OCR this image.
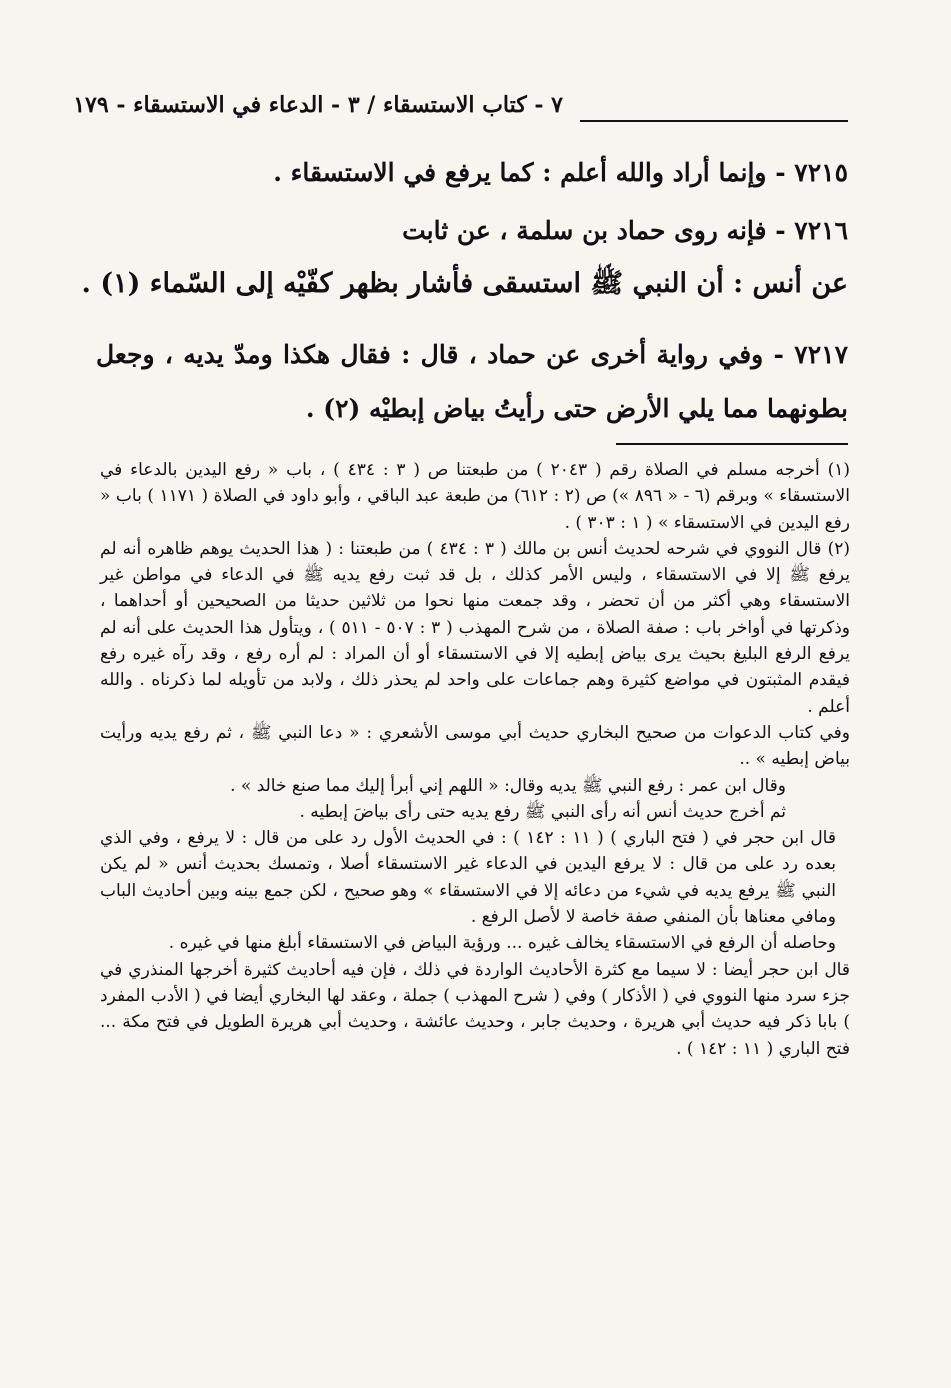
٧ - كتاب الاستسقاء / ٣ - الدعاء في الاستسقاء - ١٧٩

٧٢١٥ - وإنما أراد والله أعلم : كما يرفع في الاستسقاء .

٧٢١٦ - فإنه روى حماد بن سلمة ، عن ثابت

عن أنس : أن النبي ﷺ استسقى فأشار بظهر كفّيْه إلى السّماء (١) .

٧٢١٧ - وفي رواية أخرى عن حماد ، قال : فقال هكذا ومدّ يديه ، وجعل بطونهما مما يلي الأرض حتى رأيتُ بياض إبطيْه (٢) .

(١) أخرجه مسلم في الصلاة رقم ( ٢٠٤٣ ) من طبعتنا ص ( ٣ : ٤٣٤ ) ، باب « رفع اليدين بالدعاء في الاستسقاء » وبرقم (٦ - « ٨٩٦ ») ص (٢ : ٦١٢) من طبعة عبد الباقي ، وأبو داود في الصلاة ( ١١٧١ ) باب « رفع اليدين في الاستسقاء » ( ١ : ٣٠٣ ) .

(٢) قال النووي في شرحه لحديث أنس بن مالك ( ٣ : ٤٣٤ ) من طبعتنا : ( هذا الحديث يوهم ظاهره أنه لم يرفع ﷺ إلا في الاستسقاء ، وليس الأمر كذلك ، بل قد ثبت رفع يديه ﷺ في الدعاء في مواطن غير الاستسقاء وهي أكثر من أن تحضر ، وقد جمعت منها نحوا من ثلاثين حديثا من الصحيحين أو أحداهما ، وذكرتها في أواخر باب : صفة الصلاة ، من شرح المهذب ( ٣ : ٥٠٧ - ٥١١ ) ، ويتأول هذا الحديث على أنه لم يرفع الرفع البليغ بحيث يرى بياض إبطيه إلا في الاستسقاء أو أن المراد : لم أره رفع ، وقد رآه غيره رفع فيقدم المثبتون في مواضع كثيرة وهم جماعات على واحد لم يحذر ذلك ، ولابد من تأويله لما ذكرناه . والله أعلم .

وفي كتاب الدعوات من صحيح البخاري حديث أبي موسى الأشعري : « دعا النبي ﷺ ، ثم رفع يديه ورأيت بياض إبطيه » ..

وقال ابن عمر : رفع النبي ﷺ يديه وقال: « اللهم إني أبرأ إليك مما صنع خالد » .

ثم أخرج حديث أنس أنه رأى النبي ﷺ رفع يديه حتى رأى بياضَ إبطيه .

قال ابن حجر في ( فتح الباري ) ( ١١ : ١٤٢ ) : في الحديث الأول رد على من قال : لا يرفع ، وفي الذي بعده رد على من قال : لا يرفع اليدين في الدعاء غير الاستسقاء أصلا ، وتمسك بحديث أنس « لم يكن النبي ﷺ يرفع يديه في شيء من دعائه إلا في الاستسقاء » وهو صحيح ، لكن جمع بينه وبين أحاديث الباب ومافي معناها بأن المنفي صفة خاصة لا لأصل الرفع .

وحاصله أن الرفع في الاستسقاء يخالف غيره ... ورؤية البياض في الاستسقاء أبلغ منها في غيره .

قال ابن حجر أيضا : لا سيما مع كثرة الأحاديث الواردة في ذلك ، فإن فيه أحاديث كثيرة أخرجها المنذري في جزء سرد منها النووي في ( الأذكار ) وفي ( شرح المهذب ) جملة ، وعقد لها البخاري أيضا في ( الأدب المفرد ) بابا ذكر فيه حديث أبي هريرة ، وحديث جابر ، وحديث عائشة ، وحديث أبي هريرة الطويل في فتح مكة ... فتح الباري ( ١١ : ١٤٢ ) .
